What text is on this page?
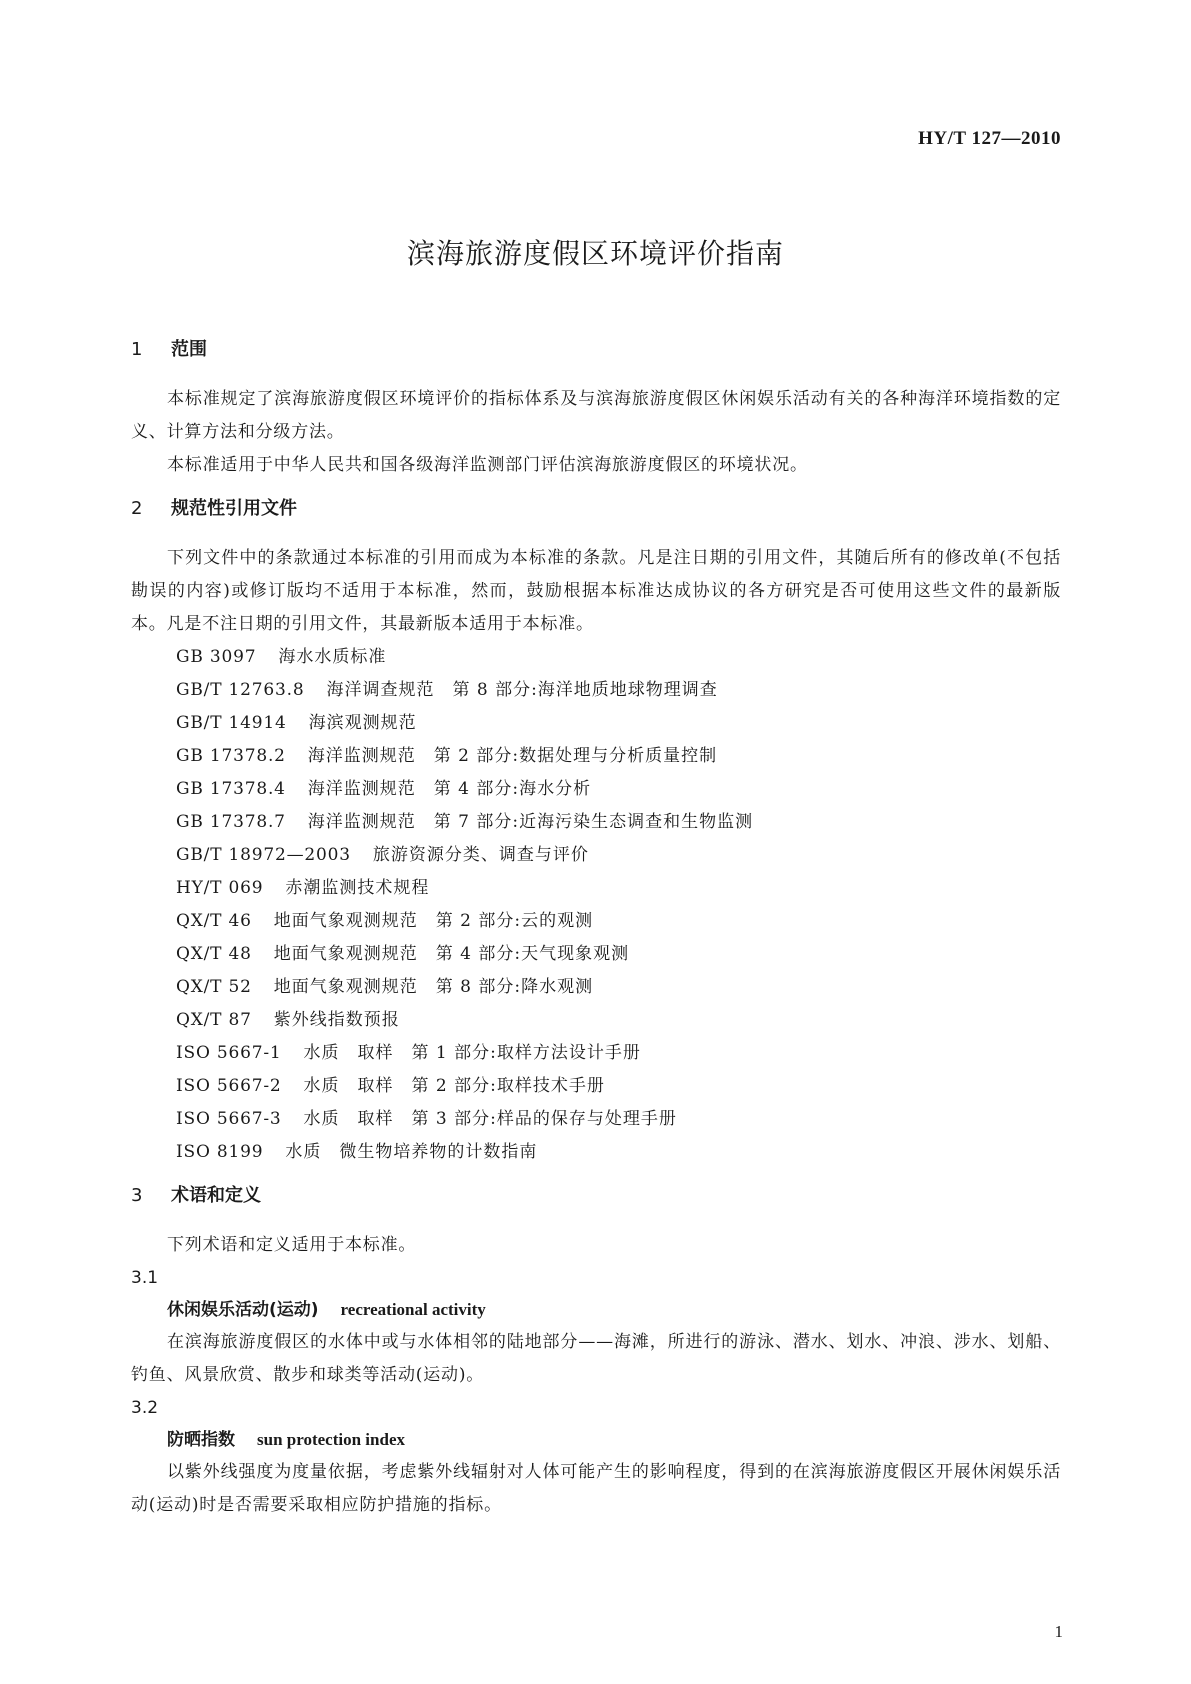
HY/T 127—2010
滨海旅游度假区环境评价指南
1	范围
本标准规定了滨海旅游度假区环境评价的指标体系及与滨海旅游度假区休闲娱乐活动有关的各种海洋环境指数的定义、计算方法和分级方法。
本标准适用于中华人民共和国各级海洋监测部门评估滨海旅游度假区的环境状况。
2	规范性引用文件
下列文件中的条款通过本标准的引用而成为本标准的条款。凡是注日期的引用文件，其随后所有的修改单(不包括勘误的内容)或修订版均不适用于本标准，然而，鼓励根据本标准达成协议的各方研究是否可使用这些文件的最新版本。凡是不注日期的引用文件，其最新版本适用于本标准。
GB 3097 海水水质标准
GB/T 12763.8 海洋调查规范　第 8 部分:海洋地质地球物理调查
GB/T 14914 海滨观测规范
GB 17378.2 海洋监测规范　第 2 部分:数据处理与分析质量控制
GB 17378.4 海洋监测规范　第 4 部分:海水分析
GB 17378.7 海洋监测规范　第 7 部分:近海污染生态调查和生物监测
GB/T 18972—2003 旅游资源分类、调查与评价
HY/T 069 赤潮监测技术规程
QX/T 46 地面气象观测规范　第 2 部分:云的观测
QX/T 48 地面气象观测规范　第 4 部分:天气现象观测
QX/T 52 地面气象观测规范　第 8 部分:降水观测
QX/T 87 紫外线指数预报
ISO 5667-1 水质　取样　第 1 部分:取样方法设计手册
ISO 5667-2 水质　取样　第 2 部分:取样技术手册
ISO 5667-3 水质　取样　第 3 部分:样品的保存与处理手册
ISO 8199 水质　微生物培养物的计数指南
3	术语和定义
下列术语和定义适用于本标准。
3.1
休闲娱乐活动(运动) recreational activity
在滨海旅游度假区的水体中或与水体相邻的陆地部分——海滩，所进行的游泳、潜水、划水、冲浪、涉水、划船、钓鱼、风景欣赏、散步和球类等活动(运动)。
3.2
防晒指数 sun protection index
以紫外线强度为度量依据，考虑紫外线辐射对人体可能产生的影响程度，得到的在滨海旅游度假区开展休闲娱乐活动(运动)时是否需要采取相应防护措施的指标。
1
